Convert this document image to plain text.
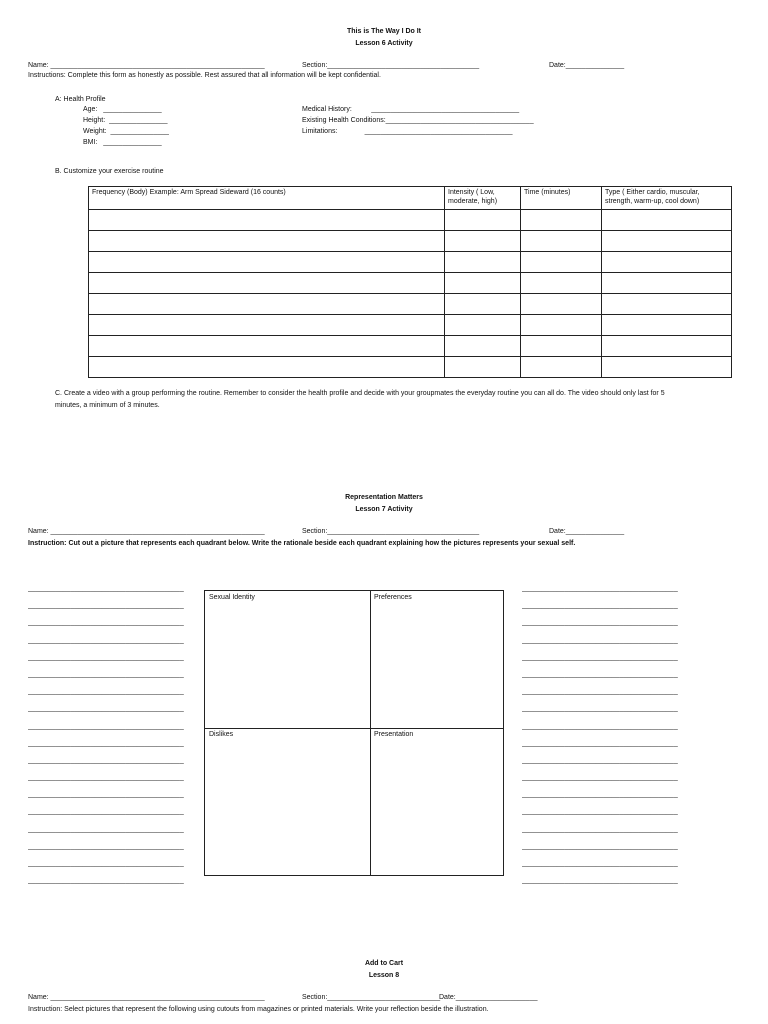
This is The Way I Do It
Lesson 6 Activity
Name: _______________________________________________________	Section:_______________________________________	Date:_______________
Instructions: Complete this form as honestly as possible. Rest assured that all information will be kept confidential.
A: Health Profile
Age:   _______________
Height:  _______________
Weight:  _______________
BMI:   _______________
Medical History:          ______________________________________
Existing Health Conditions:______________________________________
Limitations:              ______________________________________
B. Customize your exercise routine
Frequency (Body) Example: Arm Spread Sideward (16 counts)	Intensity ( Low, moderate, high)	Time (minutes)	Type ( Either cardio, muscular, strength, warm-up, cool down)

C. Create a video with a group performing the routine. Remember to consider the health profile and decide with your groupmates the everyday routine you can all do. The video should only last for 5
minutes, a minimum of 3 minutes.
Representation Matters
Lesson 7 Activity
Name: _______________________________________________________	Section:_______________________________________	Date:_______________
Instruction: Cut out a picture that represents each quadrant below. Write the rationale beside each quadrant explaining how the pictures represents your sexual self.
________________________________________
________________________________________
________________________________________
________________________________________
________________________________________
________________________________________
________________________________________
________________________________________
________________________________________
________________________________________
________________________________________
________________________________________
________________________________________
________________________________________
________________________________________
________________________________________
________________________________________
________________________________________
________________________________________
________________________________________
________________________________________
________________________________________
________________________________________
________________________________________
________________________________________
________________________________________
________________________________________
________________________________________
________________________________________
________________________________________
________________________________________
________________________________________
________________________________________
________________________________________
________________________________________
________________________________________
Sexual Identity	Preferences
Dislikes	Presentation
Add to Cart
Lesson 8
Name: _______________________________________________________	Section:_____________________________
Date:_____________________
Instruction: Select pictures that represent the following using cutouts from magazines or printed materials. Write your reflection beside the illustration.
